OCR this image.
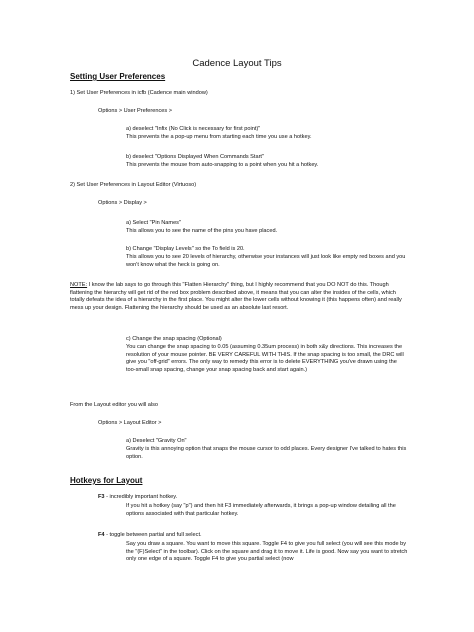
Cadence Layout Tips
Setting User Preferences
1) Set User Preferences in icfb (Cadence main window)
Options > User Preferences >
a) deselect "Infix (No Click is necessary for first point)"
This prevents the a pop-up menu from starting each time you use a hotkey.
b) deselect "Options Displayed When Commands Start"
This prevents the mouse from auto-snapping to a point when you hit a hotkey.
2) Set User Preferences in Layout Editor (Virtuoso)
Options > Display >
a) Select "Pin Names"
This allows you to see the name of the pins you have placed.
b) Change "Display Levels" so the To field is 20.
This allows you to see 20 levels of hierarchy, otherwise your instances will just look like empty red boxes and you won't know what the heck is going on.
NOTE: I know the lab says to go through this "Flatten Hierarchy" thing, but I highly recommend that you DO NOT do this. Though flattening the hierarchy will get rid of the red box problem described above, it means that you can alter the insides of the cells, which totally defeats the idea of a hierarchy in the first place. You might alter the lower cells without knowing it (this happens often) and really mess up your design. Flattening the hierarchy should be used as an absolute last resort.
c) Change the snap spacing (Optional)
You can change the snap spacing to 0.05 (assuming 0.35um process) in both x&y directions. This increases the resolution of your mouse pointer. BE VERY CAREFUL WITH THIS. If the snap spacing is too small, the DRC will give you "off-grid" errors. The only way to remedy this error is to delete EVERYTHING you've drawn using the too-small snap spacing, change your snap spacing back and start again.)
From the Layout editor you will also
Options > Layout Editor >
a) Deselect "Gravity On"
Gravity is this annoying option that snaps the mouse cursor to odd places. Every designer I've talked to hates this option.
Hotkeys for Layout
F3 - incredibly important hotkey.
If you hit a hotkey (say "p") and then hit F3 immediately afterwards, it brings a pop-up window detailing all the options associated with that particular hotkey.
F4 - toggle between partial and full select.
Say you draw a square. You want to move this square. Toggle F4 to give you full select (you will see this mode by the "(F)Select" in the toolbar). Click on the square and drag it to move it. Life is good. Now say you want to stretch only one edge of a square. Toggle F4 to give you partial select (now
